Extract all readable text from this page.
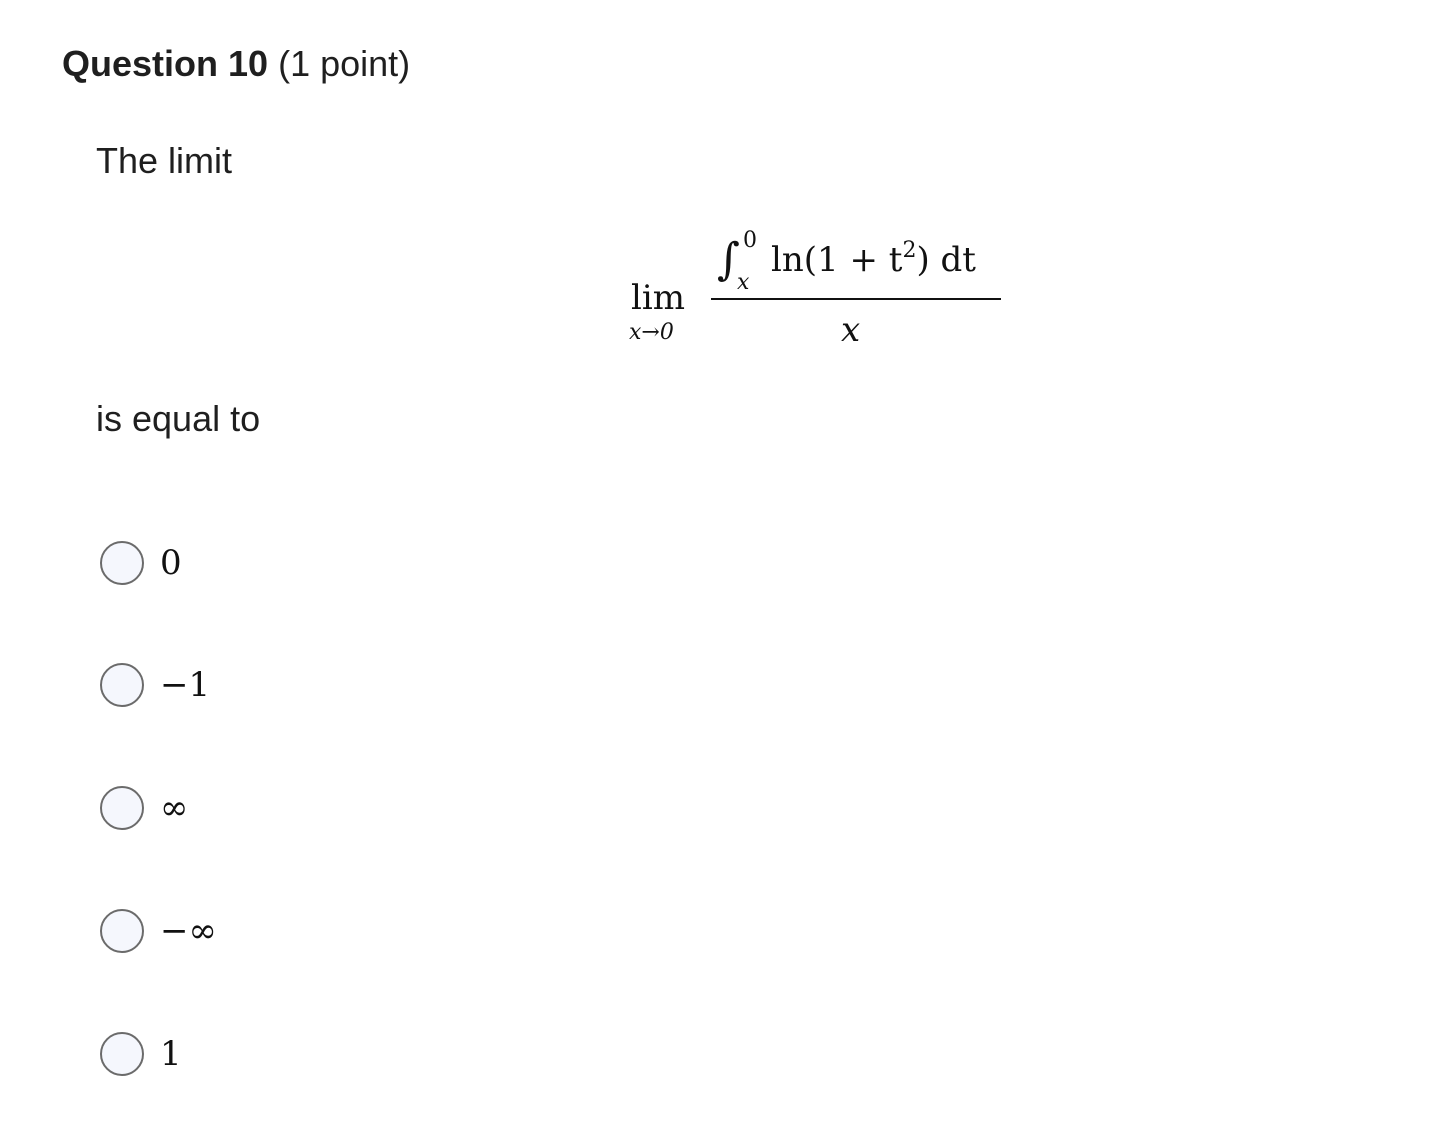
Question 10 (1 point)
The limit
lim
x→0
∫ 0
x
$\ln(1 + t^2)$ dt
x
is equal to
0
−1
∞
−∞
1
